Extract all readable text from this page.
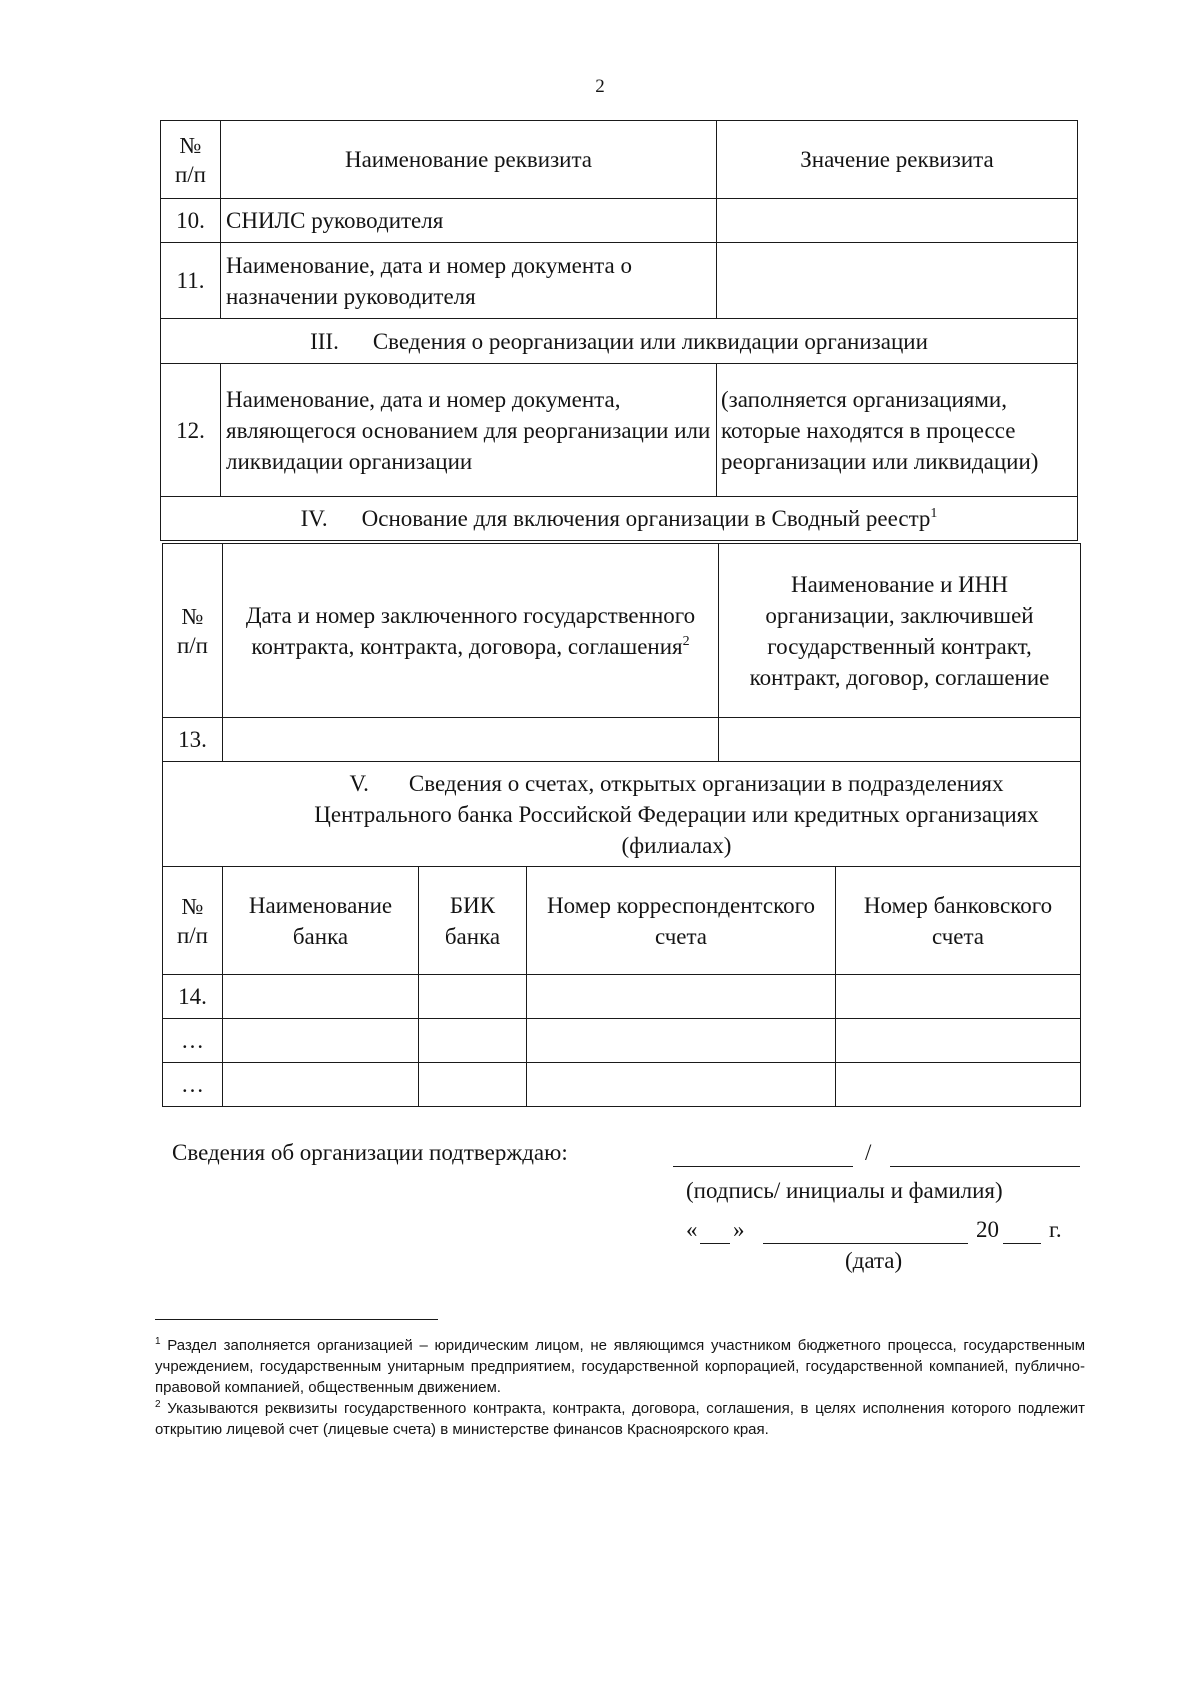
2
№ п/п	Наименование реквизита	Значение реквизита
10.	СНИЛС руководителя	
11.	Наименование, дата и номер документа о назначении руководителя	
III. Сведения о реорганизации или ликвидации организации		
12.	Наименование, дата и номер документа, являющегося основанием для реорганизации или ликвидации организации	(заполняется организациями, которые находятся в процессе реорганизации или ликвидации)
IV. Основание для включения организации в Сводный реестр$^1$
№ п/п	Дата и номер заключенного государственного контракта, контракта, договора, соглашения$^2$	Наименование и ИНН организации, заключившей государственный контракт, контракт, договор, соглашение
13.		
V. Сведения о счетах, открытых организации в подразделениях Центрального банка Российской Федерации или кредитных организациях (филиалах)		
№ п/п	Наименование банка	БИК банка	Номер корреспондентского счета	Номер банковского счета
14.				
…				
…				
Сведения об организации подтверждаю:	/
(подпись/ инициалы и фамилия)
« »	20 г.
(дата)

$^1$ Раздел заполняется организацией – юридическим лицом, не являющимся участником бюджетного процесса, государственным учреждением, государственным унитарным предприятием, государственной корпорацией, государственной компанией, публично-правовой компанией, общественным движением.

$^2$ Указываются реквизиты государственного контракта, контракта, договора, соглашения, в целях исполнения которого подлежит открытию лицевой счет (лицевые счета) в министерстве финансов Красноярского края.
